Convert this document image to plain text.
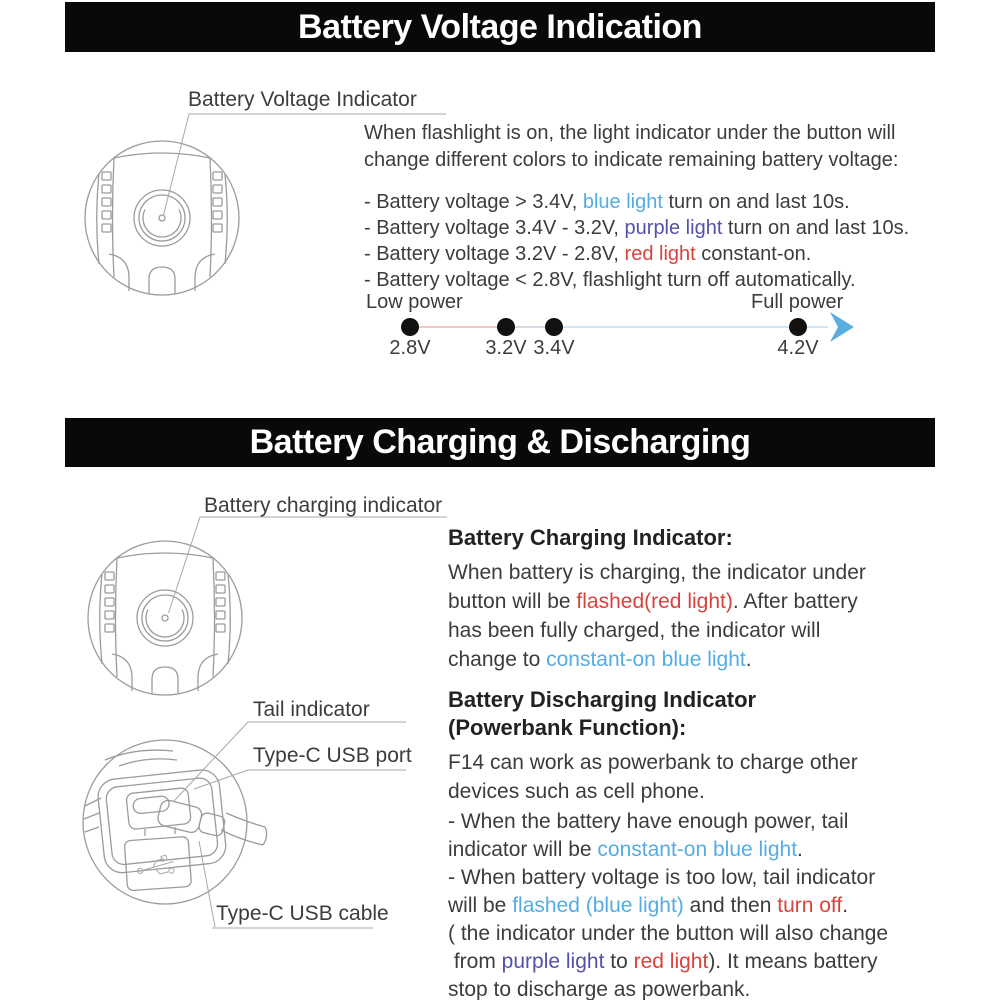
Battery Voltage Indication
Battery Voltage Indicator
When flashlight is on, the light indicator under the button will
change different colors to indicate remaining battery voltage:
- Battery voltage > 3.4V, blue light turn on and last 10s.
- Battery voltage 3.4V - 3.2V, purple light turn on and last 10s.
- Battery voltage 3.2V - 2.8V, red light constant-on.
- Battery voltage < 2.8V, flashlight turn off automatically.
Low power	Full power
2.8V	3.2V 3.4V	4.2V
Battery Charging & Discharging
Battery charging indicator
Battery Charging Indicator:
When battery is charging, the indicator under
button will be flashed(red light). After battery
has been fully charged, the indicator will
change to constant-on blue light.
Battery Discharging Indicator
(Powerbank Function):
F14 can work as powerbank to charge other
devices such as cell phone.
- When the battery have enough power, tail
indicator will be constant-on blue light.
- When battery voltage is too low, tail indicator
will be flashed (blue light) and then turn off.
( the indicator under the button will also change
from purple light to red light). It means battery
stop to discharge as powerbank.
Tail indicator
Type-C USB port
Type-C USB cable
